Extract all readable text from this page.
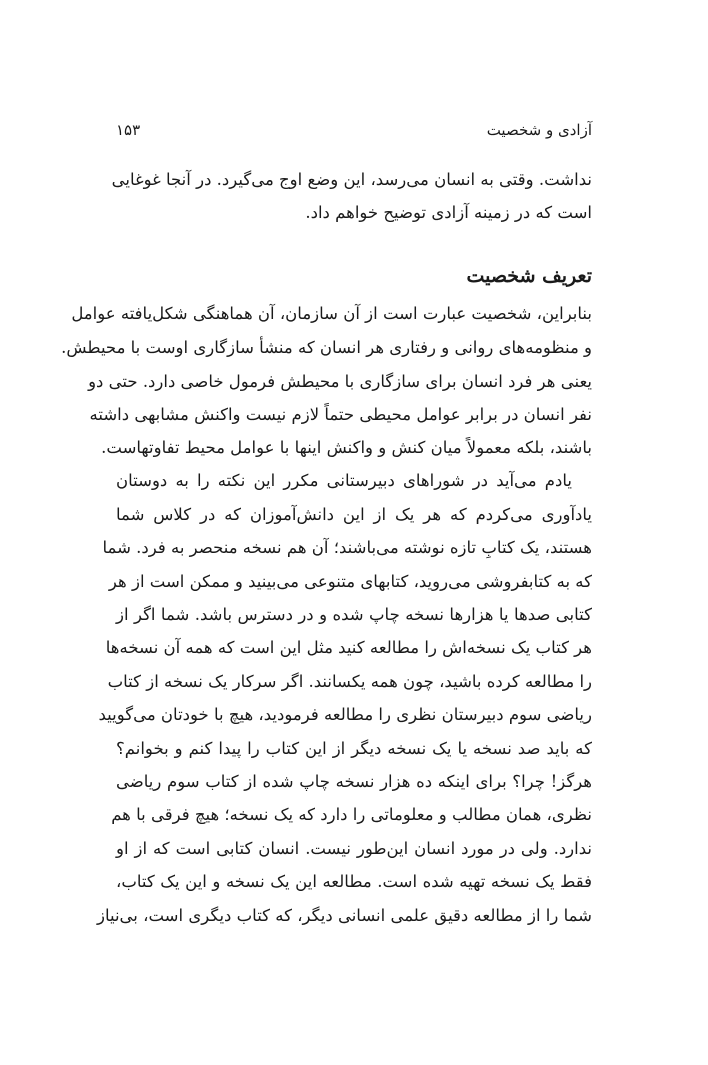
آزادی و شخصیت
۱۵۳
نداشت. وقتی به انسان می‌رسد، این وضع اوج می‌گیرد. در آنجا غوغایی
است که در زمینه آزادی توضیح خواهم داد.
تعریف شخصیت
بنابراین، شخصیت عبارت است از آن سازمان، آن هماهنگی شکل‌یافته عوامل
و منظومه‌های روانی و رفتاری هر انسان که منشأ سازگاری اوست با محیطش.
یعنی هر فرد انسان برای سازگاری با محیطش فرمول خاصی دارد. حتی دو
نفر انسان در برابر عوامل محیطی حتماً لازم نیست واکنش مشابهی داشته
باشند، بلکه معمولاً میان کنش و واکنش اینها با عوامل محیط تفاوتهاست.
یادم می‌آید در شوراهای دبیرستانی مکرر این نکته را به دوستان
یادآوری می‌کردم که هر یک از این دانش‌آموزان که در کلاس شما
هستند، یک کتابِ تازه نوشته می‌باشند؛ آن هم نسخه منحصر به فرد. شما
که به کتابفروشی می‌روید، کتابهای متنوعی می‌بینید و ممکن است از هر
کتابی صدها یا هزارها نسخه چاپ شده و در دسترس باشد. شما اگر از
هر کتاب یک نسخه‌اش را مطالعه کنید مثل این است که همه آن نسخه‌ها
را مطالعه کرده باشید، چون همه یکسانند. اگر سرکار یک نسخه از کتاب
ریاضی سوم دبیرستان نظری را مطالعه فرمودید، هیچ با خودتان می‌گویید
که باید صد نسخه یا یک نسخه دیگر از این کتاب را پیدا کنم و بخوانم؟
هرگز! چرا؟ برای اینکه ده هزار نسخه چاپ شده از کتاب سوم ریاضی
نظری، همان مطالب و معلوماتی را دارد که یک نسخه؛ هیچ فرقی با هم
ندارد. ولی در مورد انسان این‌طور نیست. انسان کتابی است که از او
فقط یک نسخه تهیه شده است. مطالعه این یک نسخه و این یک کتاب،
شما را از مطالعه دقیق علمی انسانی دیگر، که کتاب دیگری است، بی‌نیاز
